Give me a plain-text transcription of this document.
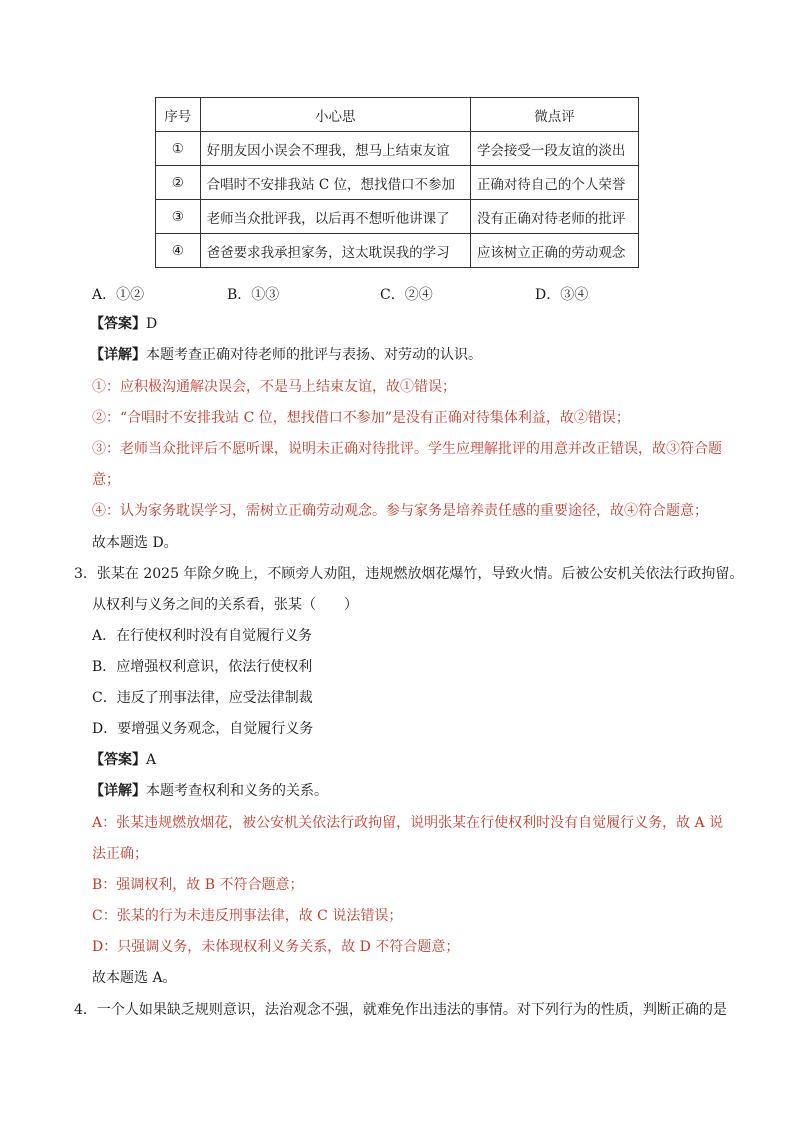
序号	小心思	微点评
①	好朋友因小误会不理我，想马上结束友谊	学会接受一段友谊的淡出
②	合唱时不安排我站 C 位，想找借口不参加	正确对待自己的个人荣誉
③	老师当众批评我，以后再不想听他讲课了	没有正确对待老师的批评
④	爸爸要求我承担家务，这太耽误我的学习	应该树立正确的劳动观念
A．①②	B．①③	C．②④	D．③④
【答案】D
【详解】本题考查正确对待老师的批评与表扬、对劳动的认识。
①：应积极沟通解决误会，不是马上结束友谊，故①错误；
②：“合唱时不安排我站 C 位，想找借口不参加”是没有正确对待集体利益，故②错误；
③：老师当众批评后不愿听课，说明未正确对待批评。学生应理解批评的用意并改正错误，故③符合题
意；
④：认为家务耽误学习，需树立正确劳动观念。参与家务是培养责任感的重要途径，故④符合题意；
故本题选 D。
3．张某在 2025 年除夕晚上，不顾旁人劝阻，违规燃放烟花爆竹，导致火情。后被公安机关依法行政拘留。
从权利与义务之间的关系看，张某（　　）
A．在行使权利时没有自觉履行义务
B．应增强权利意识，依法行使权利
C．违反了刑事法律，应受法律制裁
D．要增强义务观念，自觉履行义务
【答案】A
【详解】本题考查权利和义务的关系。
A：张某违规燃放烟花，被公安机关依法行政拘留，说明张某在行使权利时没有自觉履行义务，故 A 说
法正确；
B：强调权利，故 B 不符合题意；
C：张某的行为未违反刑事法律，故 C 说法错误；
D：只强调义务，未体现权利义务关系，故 D 不符合题意；
故本题选 A。
4．一个人如果缺乏规则意识，法治观念不强，就难免作出违法的事情。对下列行为的性质，判断正确的是
